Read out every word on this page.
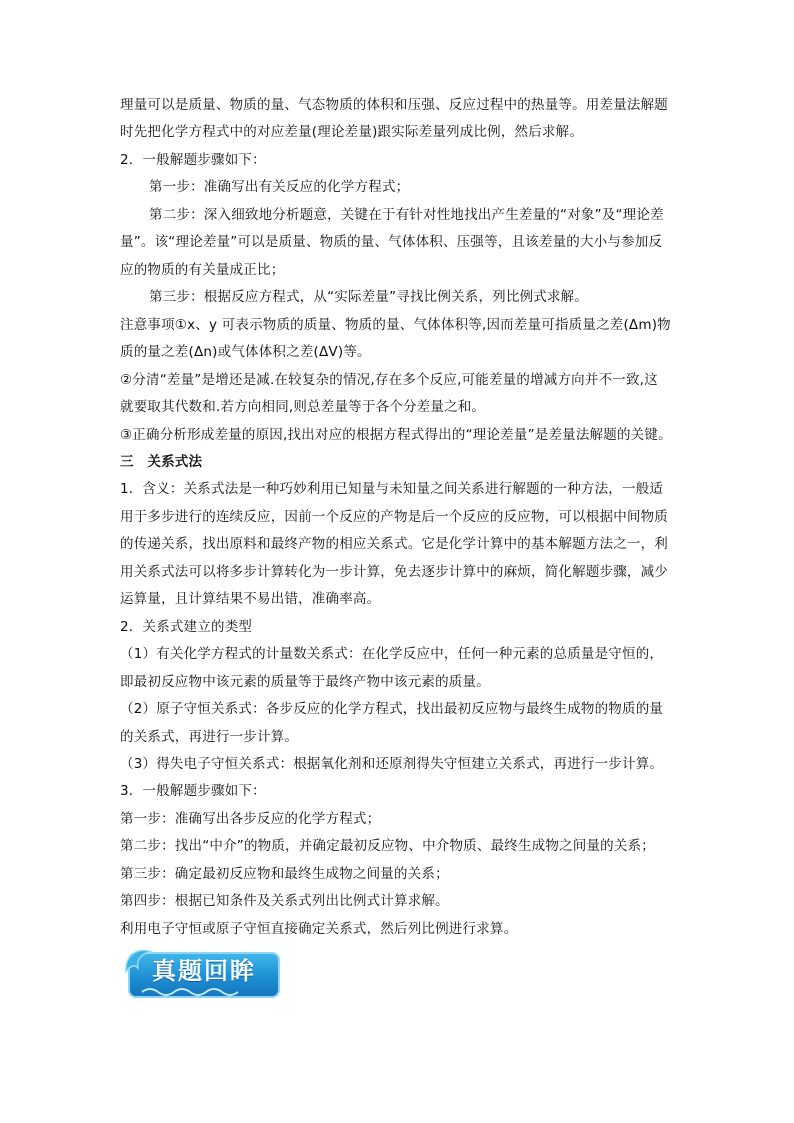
理量可以是质量、物质的量、气态物质的体积和压强、反应过程中的热量等。用差量法解题
时先把化学方程式中的对应差量(理论差量)跟实际差量列成比例，然后求解。
2．一般解题步骤如下：
第一步：准确写出有关反应的化学方程式；
第二步：深入细致地分析题意，关键在于有针对性地找出产生差量的“对象”及“理论差
量”。该“理论差量”可以是质量、物质的量、气体体积、压强等，且该差量的大小与参加反
应的物质的有关量成正比；
第三步：根据反应方程式，从“实际差量”寻找比例关系，列比例式求解。
注意事项①x、y 可表示物质的质量、物质的量、气体体积等,因而差量可指质量之差(Δm)物
质的量之差(Δn)或气体体积之差(ΔV)等。
②分清“差量”是增还是减.在较复杂的情况,存在多个反应,可能差量的增减方向并不一致,这
就要取其代数和.若方向相同,则总差量等于各个分差量之和。
③正确分析形成差量的原因,找出对应的根据方程式得出的“理论差量”是差量法解题的关键。
三　关系式法
1．含义：关系式法是一种巧妙利用已知量与未知量之间关系进行解题的一种方法，一般适
用于多步进行的连续反应，因前一个反应的产物是后一个反应的反应物，可以根据中间物质
的传递关系，找出原料和最终产物的相应关系式。它是化学计算中的基本解题方法之一，利
用关系式法可以将多步计算转化为一步计算，免去逐步计算中的麻烦，简化解题步骤，减少
运算量，且计算结果不易出错，准确率高。
2．关系式建立的类型
（1）有关化学方程式的计量数关系式：在化学反应中，任何一种元素的总质量是守恒的，
即最初反应物中该元素的质量等于最终产物中该元素的质量。
（2）原子守恒关系式：各步反应的化学方程式，找出最初反应物与最终生成物的物质的量
的关系式，再进行一步计算。
（3）得失电子守恒关系式：根据氧化剂和还原剂得失守恒建立关系式，再进行一步计算。
3．一般解题步骤如下：
第一步：准确写出各步反应的化学方程式；
第二步：找出“中介”的物质，并确定最初反应物、中介物质、最终生成物之间量的关系；
第三步：确定最初反应物和最终生成物之间量的关系；
第四步：根据已知条件及关系式列出比例式计算求解。
利用电子守恒或原子守恒直接确定关系式，然后列比例进行求算。
真题回眸
